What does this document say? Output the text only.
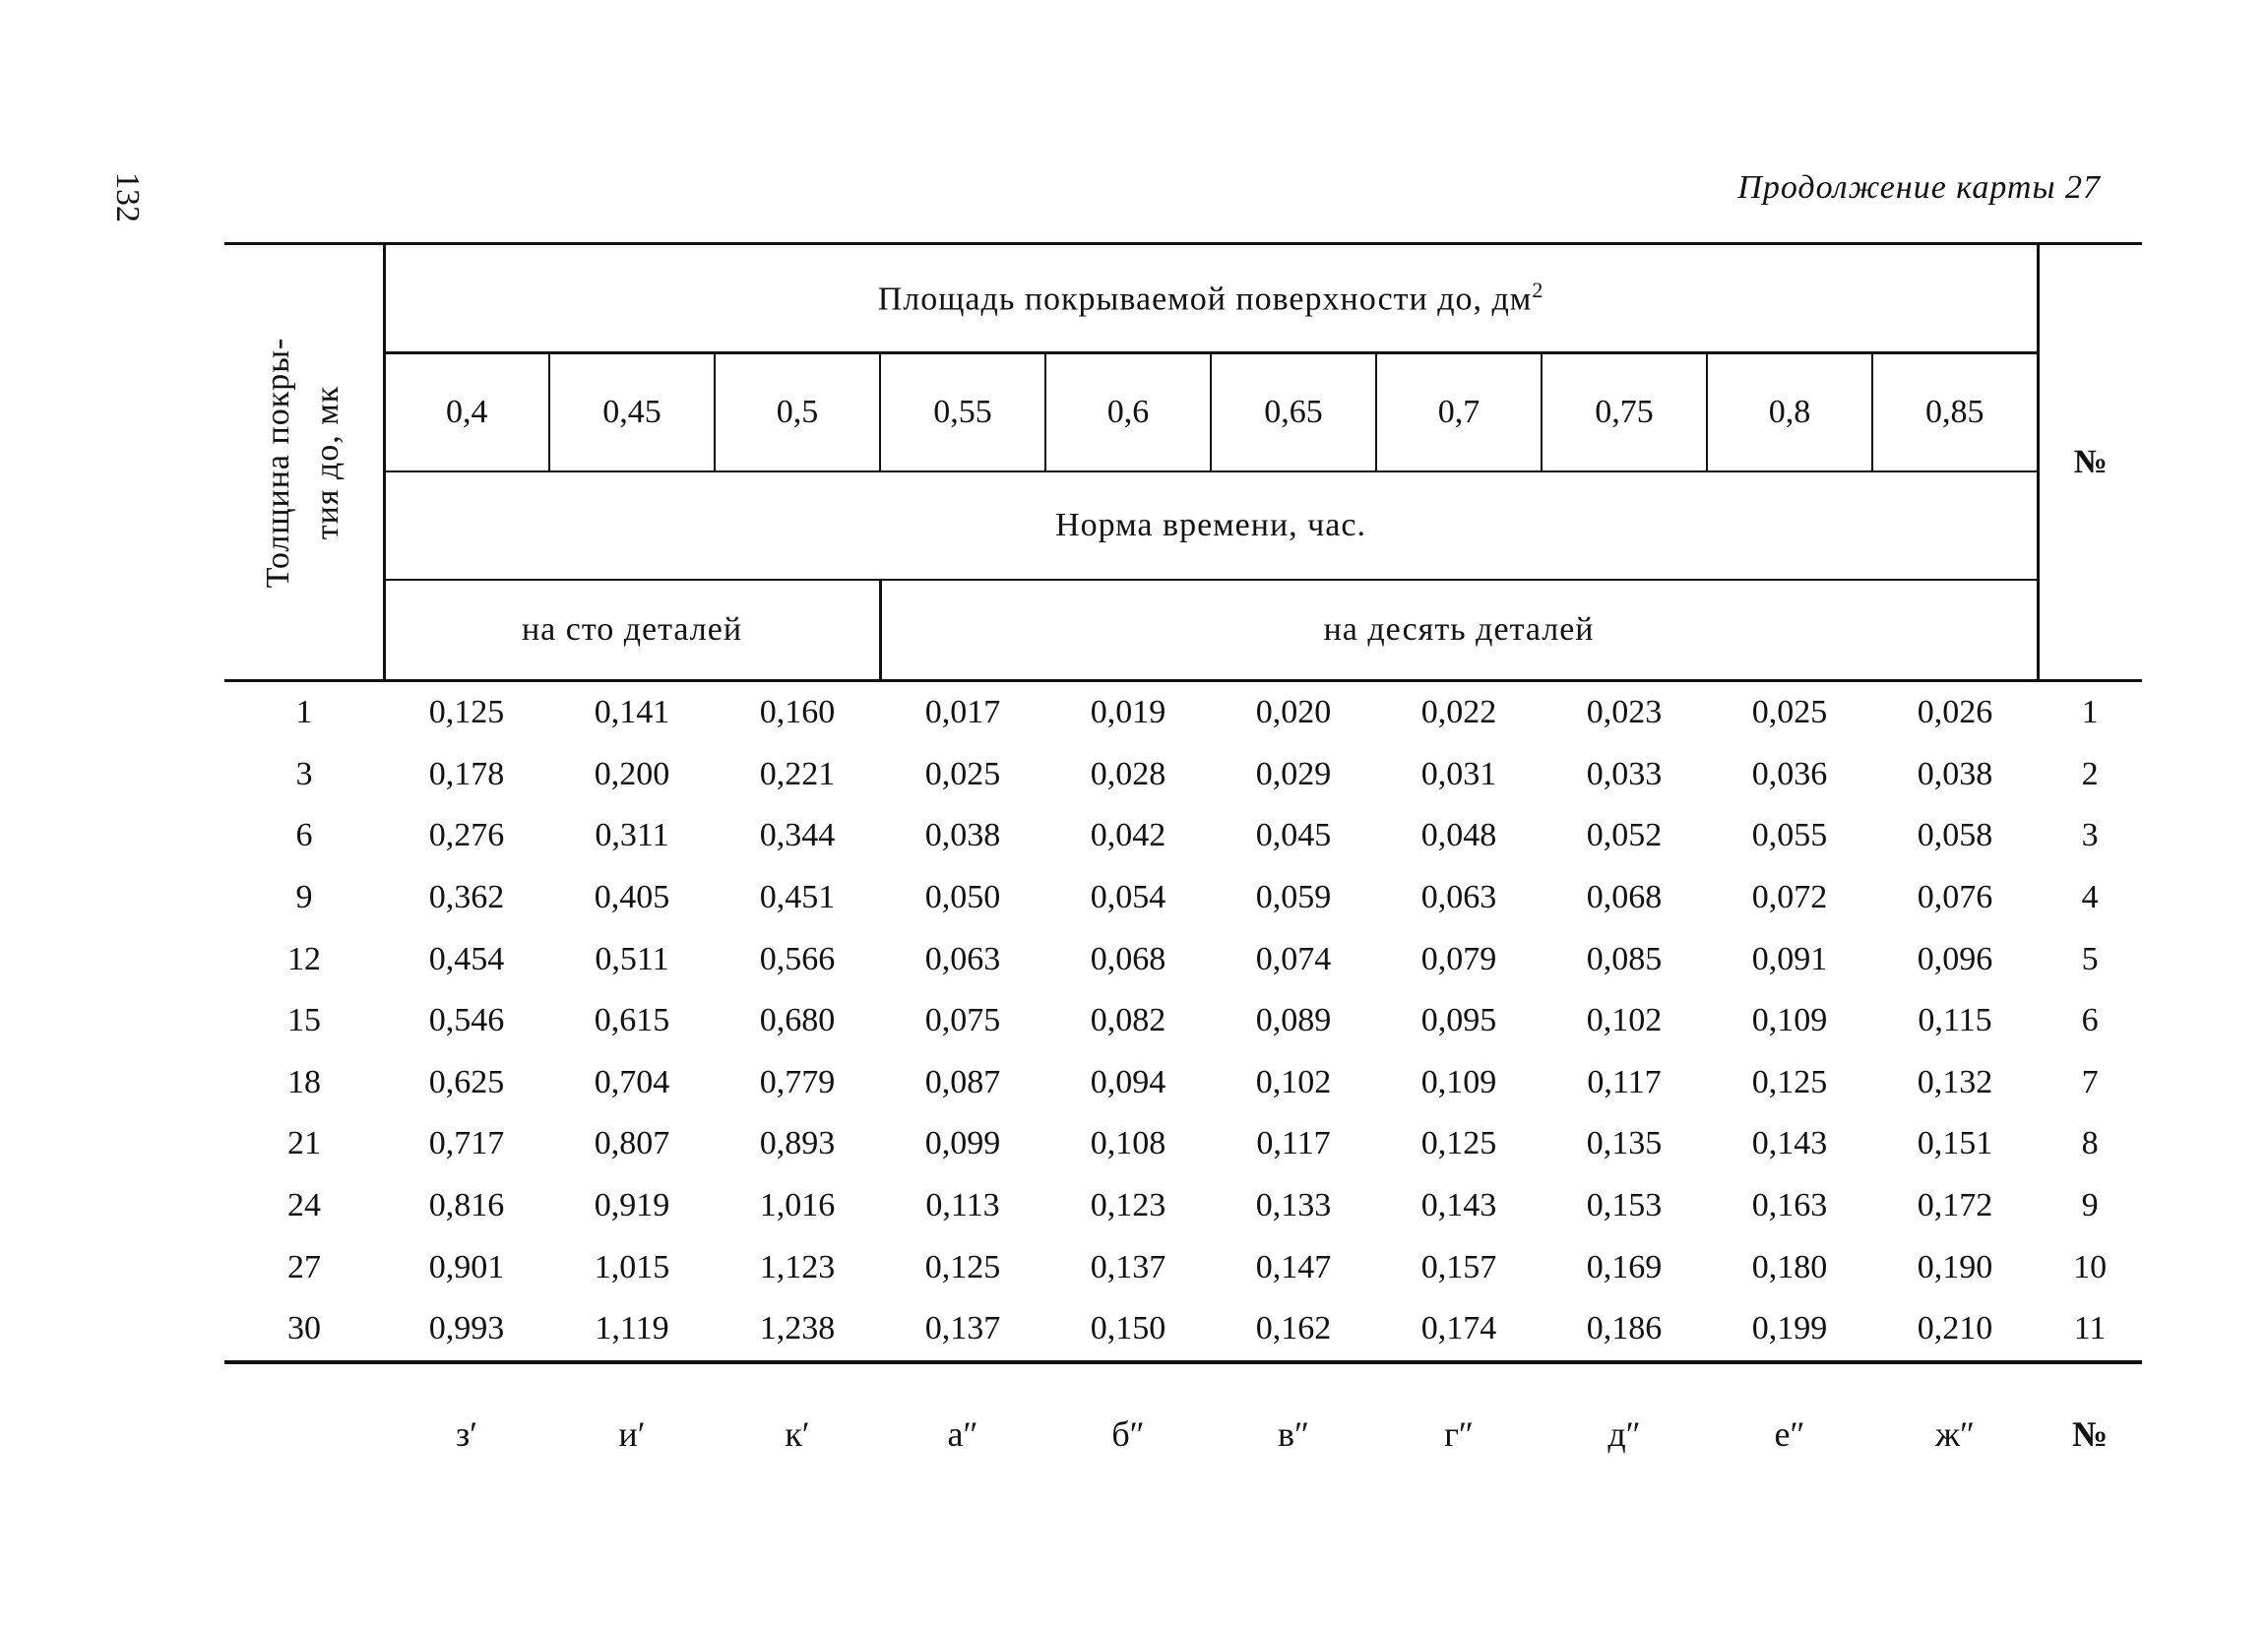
132	Продолжение карты 27
Толщина покры- тия до, мк	Площадь покрываемой поверхности до, $дм^2$										№
	0,4	0,45	0,5	0,55	0,6	0,65	0,7	0,75	0,8	0,85	
	Норма времени, час.										
	на сто деталей			на десять деталей							
1	0,125	0,141	0,160	0,017	0,019	0,020	0,022	0,023	0,025	0,026	1
3	0,178	0,200	0,221	0,025	0,028	0,029	0,031	0,033	0,036	0,038	2
6	0,276	0,311	0,344	0,038	0,042	0,045	0,048	0,052	0,055	0,058	3
9	0,362	0,405	0,451	0,050	0,054	0,059	0,063	0,068	0,072	0,076	4
12	0,454	0,511	0,566	0,063	0,068	0,074	0,079	0,085	0,091	0,096	5
15	0,546	0,615	0,680	0,075	0,082	0,089	0,095	0,102	0,109	0,115	6
18	0,625	0,704	0,779	0,087	0,094	0,102	0,109	0,117	0,125	0,132	7
21	0,717	0,807	0,893	0,099	0,108	0,117	0,125	0,135	0,143	0,151	8
24	0,816	0,919	1,016	0,113	0,123	0,133	0,143	0,153	0,163	0,172	9
27	0,901	1,015	1,123	0,125	0,137	0,147	0,157	0,169	0,180	0,190	10
30	0,993	1,119	1,238	0,137	0,150	0,162	0,174	0,186	0,199	0,210	11
	з′	и′	к′	а″	б″	в″	г″	д″	е″	ж″	№
